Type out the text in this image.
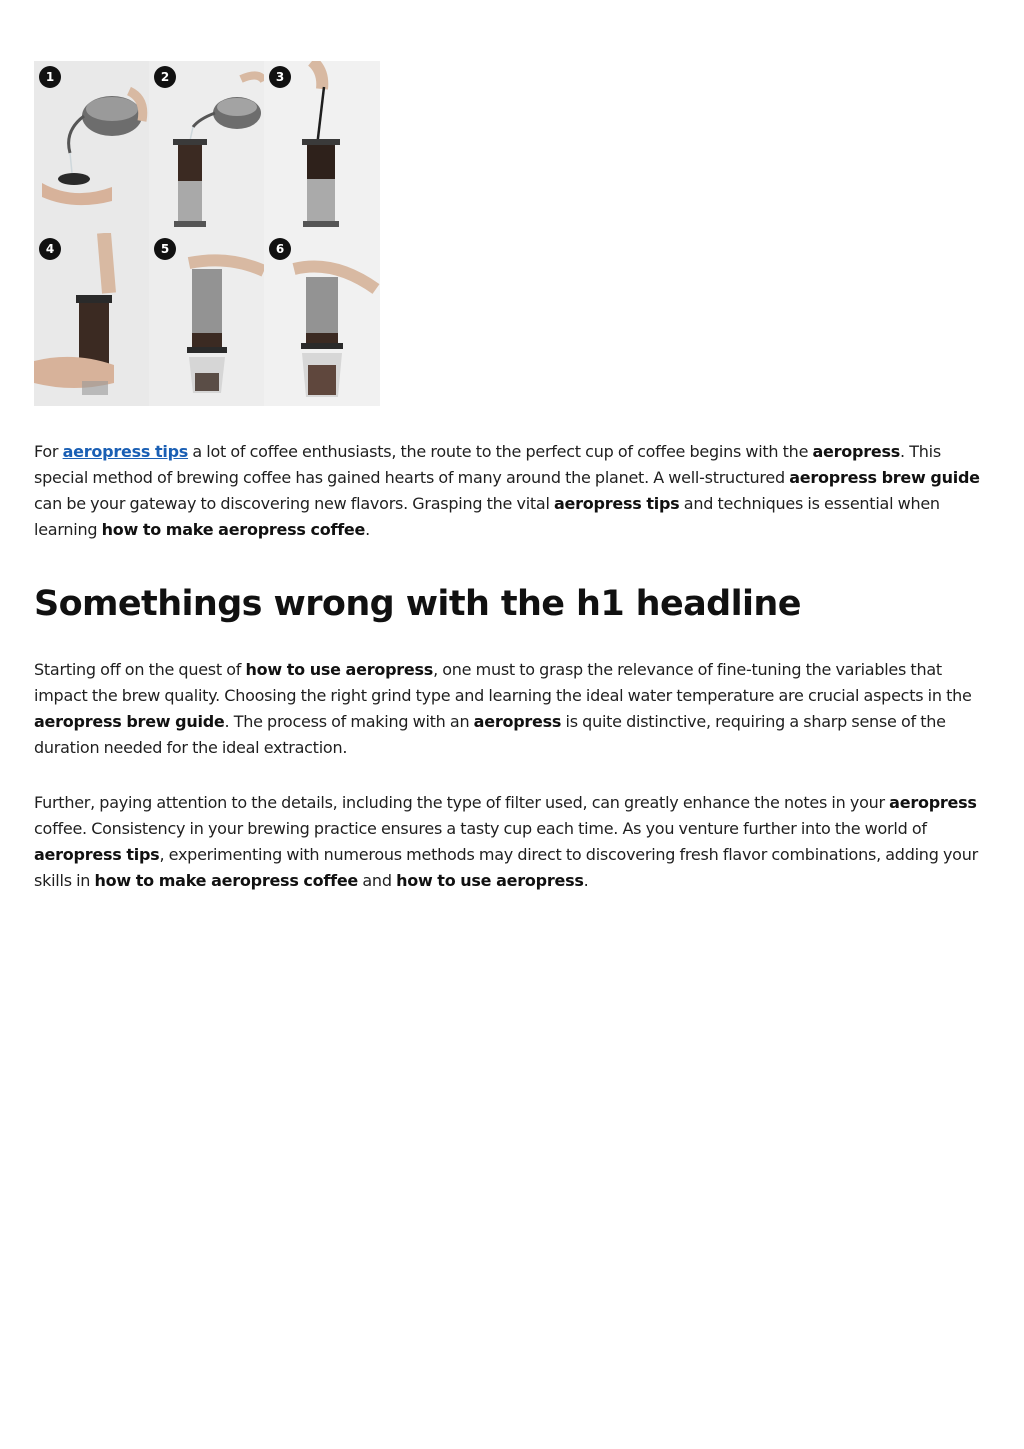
1	2	3
4	5	6

For aeropress tips a lot of coffee enthusiasts, the route to the perfect cup of coffee begins with the aeropress. This special method of brewing coffee has gained hearts of many around the planet. A well-structured aeropress brew guide can be your gateway to discovering new flavors. Grasping the vital aeropress tips and techniques is essential when learning how to make aeropress coffee.

Somethings wrong with the h1 headline

Starting off on the quest of how to use aeropress, one must to grasp the relevance of fine-tuning the variables that impact the brew quality. Choosing the right grind type and learning the ideal water temperature are crucial aspects in the aeropress brew guide. The process of making with an aeropress is quite distinctive, requiring a sharp sense of the duration needed for the ideal extraction.

Further, paying attention to the details, including the type of filter used, can greatly enhance the notes in your aeropress coffee. Consistency in your brewing practice ensures a tasty cup each time. As you venture further into the world of aeropress tips, experimenting with numerous methods may direct to discovering fresh flavor combinations, adding your skills in how to make aeropress coffee and how to use aeropress.
